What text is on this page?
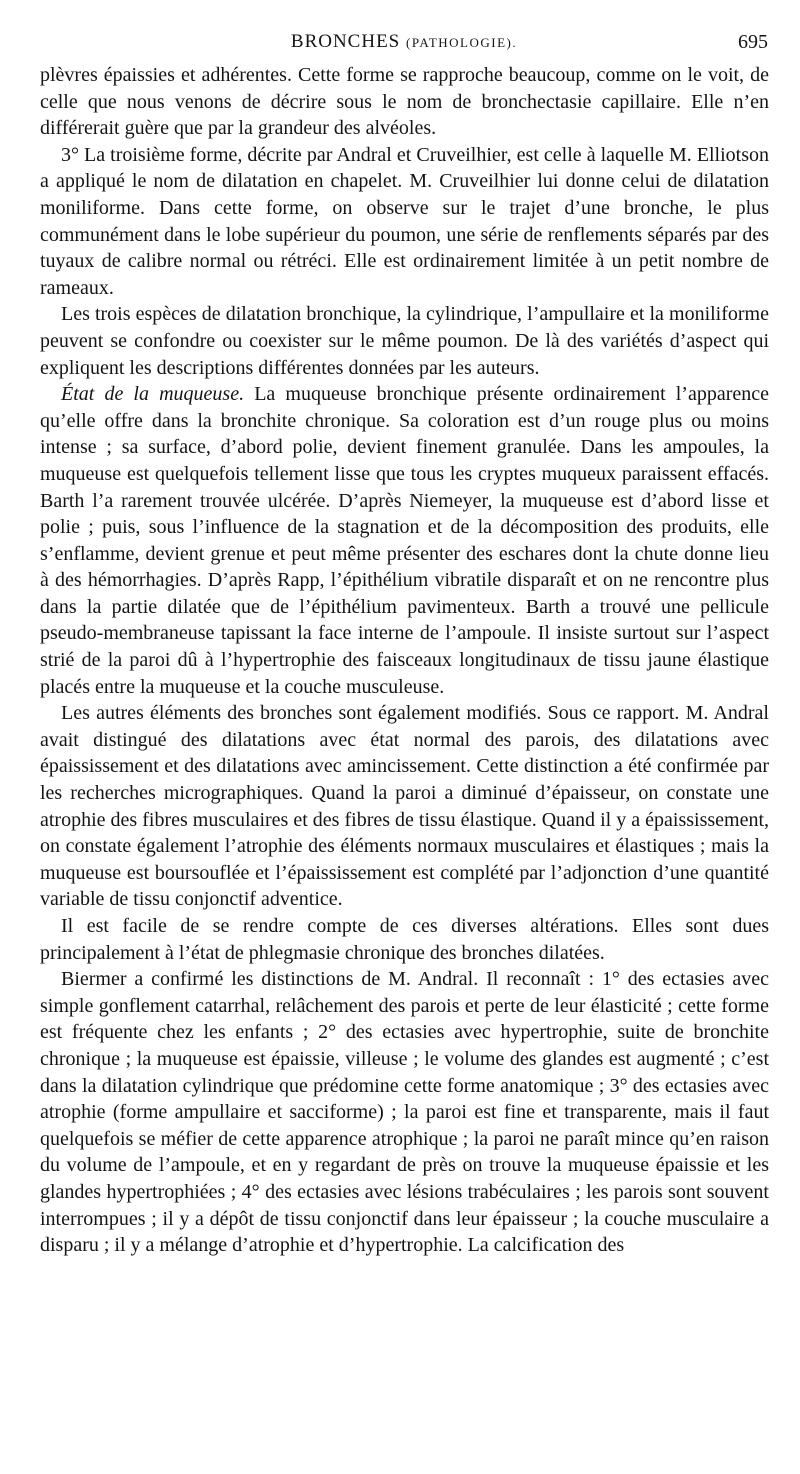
BRONCHES (PATHOLOGIE).	695

plèvres épaissies et adhérentes. Cette forme se rapproche beaucoup, comme on le voit, de celle que nous venons de décrire sous le nom de bronchectasie capillaire. Elle n’en différerait guère que par la grandeur des alvéoles.

3° La troisième forme, décrite par Andral et Cruveilhier, est celle à laquelle M. Elliotson a appliqué le nom de dilatation en chapelet. M. Cruveilhier lui donne celui de dilatation moniliforme. Dans cette forme, on observe sur le trajet d’une bronche, le plus communément dans le lobe supérieur du poumon, une série de renflements séparés par des tuyaux de calibre normal ou rétréci. Elle est ordinairement limitée à un petit nombre de rameaux.

Les trois espèces de dilatation bronchique, la cylindrique, l’ampullaire et la moniliforme peuvent se confondre ou coexister sur le même poumon. De là des variétés d’aspect qui expliquent les descriptions différentes données par les auteurs.

État de la muqueuse. La muqueuse bronchique présente ordinairement l’apparence qu’elle offre dans la bronchite chronique. Sa coloration est d’un rouge plus ou moins intense ; sa surface, d’abord polie, devient finement granulée. Dans les ampoules, la muqueuse est quelquefois tellement lisse que tous les cryptes muqueux paraissent effacés. Barth l’a rarement trouvée ulcérée. D’après Niemeyer, la muqueuse est d’abord lisse et polie ; puis, sous l’influence de la stagnation et de la décomposition des produits, elle s’enflamme, devient grenue et peut même présenter des eschares dont la chute donne lieu à des hémorrhagies. D’après Rapp, l’épithélium vibratile disparaît et on ne rencontre plus dans la partie dilatée que de l’épithélium pavimenteux. Barth a trouvé une pellicule pseudo-membraneuse tapissant la face interne de l’ampoule. Il insiste surtout sur l’aspect strié de la paroi dû à l’hypertrophie des faisceaux longitudinaux de tissu jaune élastique placés entre la muqueuse et la couche musculeuse.

Les autres éléments des bronches sont également modifiés. Sous ce rapport. M. Andral avait distingué des dilatations avec état normal des parois, des dilatations avec épaississement et des dilatations avec amincissement. Cette distinction a été confirmée par les recherches micrographiques. Quand la paroi a diminué d’épaisseur, on constate une atrophie des fibres musculaires et des fibres de tissu élastique. Quand il y a épaississement, on constate également l’atrophie des éléments normaux musculaires et élastiques ; mais la muqueuse est boursouflée et l’épaississement est complété par l’adjonction d’une quantité variable de tissu conjonctif adventice.

Il est facile de se rendre compte de ces diverses altérations. Elles sont dues principalement à l’état de phlegmasie chronique des bronches dilatées.

Biermer a confirmé les distinctions de M. Andral. Il reconnaît : 1° des ectasies avec simple gonflement catarrhal, relâchement des parois et perte de leur élasticité ; cette forme est fréquente chez les enfants ; 2° des ectasies avec hypertrophie, suite de bronchite chronique ; la muqueuse est épaissie, villeuse ; le volume des glandes est augmenté ; c’est dans la dilatation cylindrique que prédomine cette forme anatomique ; 3° des ectasies avec atrophie (forme ampullaire et sacciforme) ; la paroi est fine et transparente, mais il faut quelquefois se méfier de cette apparence atrophique ; la paroi ne paraît mince qu’en raison du volume de l’ampoule, et en y regardant de près on trouve la muqueuse épaissie et les glandes hypertrophiées ; 4° des ectasies avec lésions trabéculaires ; les parois sont souvent interrompues ; il y a dépôt de tissu conjonctif dans leur épaisseur ; la couche musculaire a disparu ; il y a mélange d’atrophie et d’hypertrophie. La calcification des
